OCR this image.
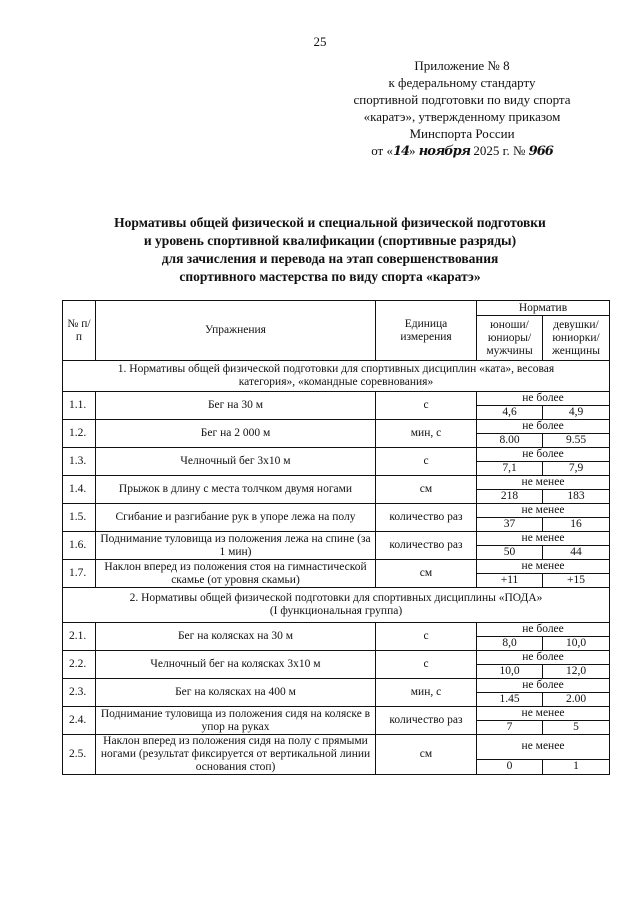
25
Приложение № 8
к федеральному стандарту
спортивной подготовки по виду спорта
«каратэ», утвержденному приказом
Минспорта России
от «14» ноября 2025 г. № 966
Нормативы общей физической и специальной физической подготовки
и уровень спортивной квалификации (спортивные разряды)
для зачисления и перевода на этап совершенствования
спортивного мастерства по виду спорта «каратэ»
№ п/п	Упражнения	Единица измерения	Норматив	
			юноши/ юниоры/ мужчины	девушки/ юниорки/ женщины

1. Нормативы общей физической подготовки для спортивных дисциплин «ката», весовая
категория», «командные соревнования»				

1.1.	Бег на 30 м	с	не более	
			4,6	4,9
1.2.	Бег на 2 000 м	мин, с	не более	
			8.00	9.55
1.3.	Челночный бег 3х10 м	с	не более	
			7,1	7,9
1.4.	Прыжок в длину с места толчком двумя ногами	см	не менее	
			218	183
1.5.	Сгибание и разгибание рук в упоре лежа на полу	количество раз	не менее	
			37	16
1.6.	Поднимание туловища из положения лежа на спине (за 1 мин)	количество раз	не менее	
			50	44
1.7.	Наклон вперед из положения стоя на гимнастической скамье (от уровня скамьи)	см	не менее	
			+11	+15

2. Нормативы общей физической подготовки для спортивных дисциплины «ПОДА»
(I функциональная группа)				

2.1.	Бег на колясках на 30 м	с	не более	
			8,0	10,0
2.2.	Челночный бег на колясках 3х10 м	с	не более	
			10,0	12,0
2.3.	Бег на колясках на 400 м	мин, с	не более	
			1.45	2.00
2.4.	Поднимание туловища из положения сидя на коляске в упор на руках	количество раз	не менее	
			7	5
2.5.	Наклон вперед из положения сидя на полу с прямыми ногами (результат фиксируется от вертикальной линии основания стоп)	см	не менее	
			0	1
